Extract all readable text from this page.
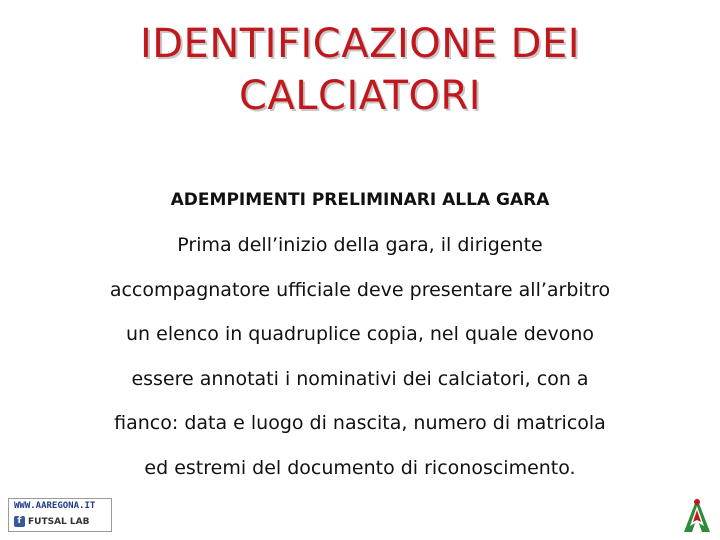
IDENTIFICAZIONE DEI
CALCIATORI
ADEMPIMENTI PRELIMINARI ALLA GARA
Prima dell’inizio della gara, il dirigente
accompagnatore ufficiale deve presentare all’arbitro
un elenco in quadruplice copia, nel quale devono
essere annotati i nominativi dei calciatori, con a
fianco: data e luogo di nascita, numero di matricola
ed estremi del documento di riconoscimento.
WWW.AAREGONA.IT
f FUTSAL LAB
